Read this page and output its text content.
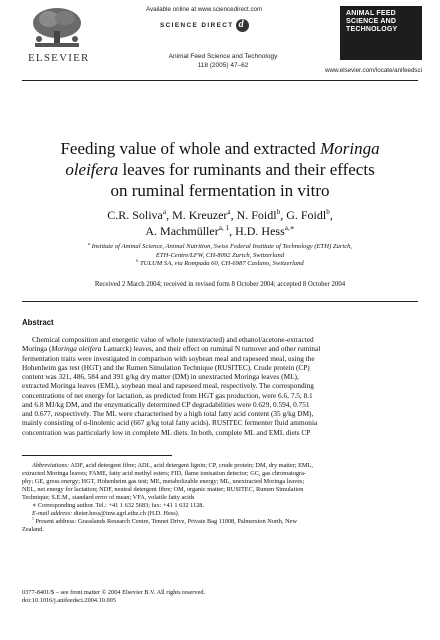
ELSEVIER
Available online at www.sciencedirect.com
SCIENCE DIRECT d
Animal Feed Science and Technology
118 (2005) 47–62
ANIMAL FEED
SCIENCE AND
TECHNOLOGY
www.elsevier.com/locate/anifeedsci
Feeding value of whole and extracted Moringa
oleifera leaves for ruminants and their effects
on ruminal fermentation in vitro
C.R. Soliva$^a$, M. Kreuzer$^a$, N. Foidl$^b$, G. Foidl$^b$,
A. Machmüller$^{a, 1}$, H.D. Hess$^{a,∗}$
$^a$ Institute of Animal Science, Animal Nutrition, Swiss Federal Institute of Technology (ETH) Zurich,
ETH-Centre/LFW, CH-8092 Zurich, Switzerland
$^b$ TULUM SA, via Rompada 60, CH-6987 Caslano, Switzerland
Received 2 March 2004; received in revised form 8 October 2004; accepted 8 October 2004
Abstract
Chemical composition and energetic value of whole (unextracted) and ethanol/acetone-extracted
Moringa (Moringa oleifera Lamarck) leaves, and their effect on ruminal N turnover and other ruminal
fermentation traits were investigated in comparison with soybean meal and rapeseed meal, using the
Hohenheim gas test (HGT) and the Rumen Simulation Technique (RUSITEC). Crude protein (CP)
content was 321, 486, 584 and 391 g/kg dry matter (DM) in unextracted Moringa leaves (ML),
extracted Moringa leaves (EML), soybean meal and rapeseed meal, respectively. The corresponding
concentrations of net energy for lactation, as predicted from HGT gas production, were 6.6, 7.5, 8.1
and 6.8 MJ/kg DM, and the enzymatically determined CP degradabilities were 0.629, 0.594, 0.751
and 0.677, respectively. The ML were characterised by a high total fatty acid content (35 g/kg DM),
mainly consisting of α-linolenic acid (667 g/kg total fatty acids). RUSITEC fermenter fluid ammonia
concentration was particularly low in complete ML diets. In both, complete ML and EML diets CP
Abbreviations: ADF, acid detergent fibre; ADL, acid detergent lignin; CP, crude protein; DM, dry matter; EML,
extracted Moringa leaves; FAME, fatty acid methyl esters; FID, flame ionisation detector; GC, gas chromatogra-
phy; GE, gross energy; HGT, Hohenheim gas test; ME, metabolizable energy; ML, unextracted Moringa leaves;
NEL, net energy for lactation; NDF, neutral detergent fibre; OM, organic matter; RUSITEC, Rumen Simulation
Technique; S.E.M., standard error of mean; VFA, volatile fatty acids
∗ Corresponding author. Tel.: +41 1 632 5683; fax: +41 1 632 1128.
E-mail address: dieter.hess@inw.agrl.ethz.ch (H.D. Hess).
$^1$ Present address: Grasslands Research Centre, Tennet Drive, Private Bag 11008, Palmerston North, New
Zealand.
0377-8401/$ – see front matter © 2004 Elsevier B.V. All rights reserved.
doi:10.1016/j.anifeedsci.2004.10.005
